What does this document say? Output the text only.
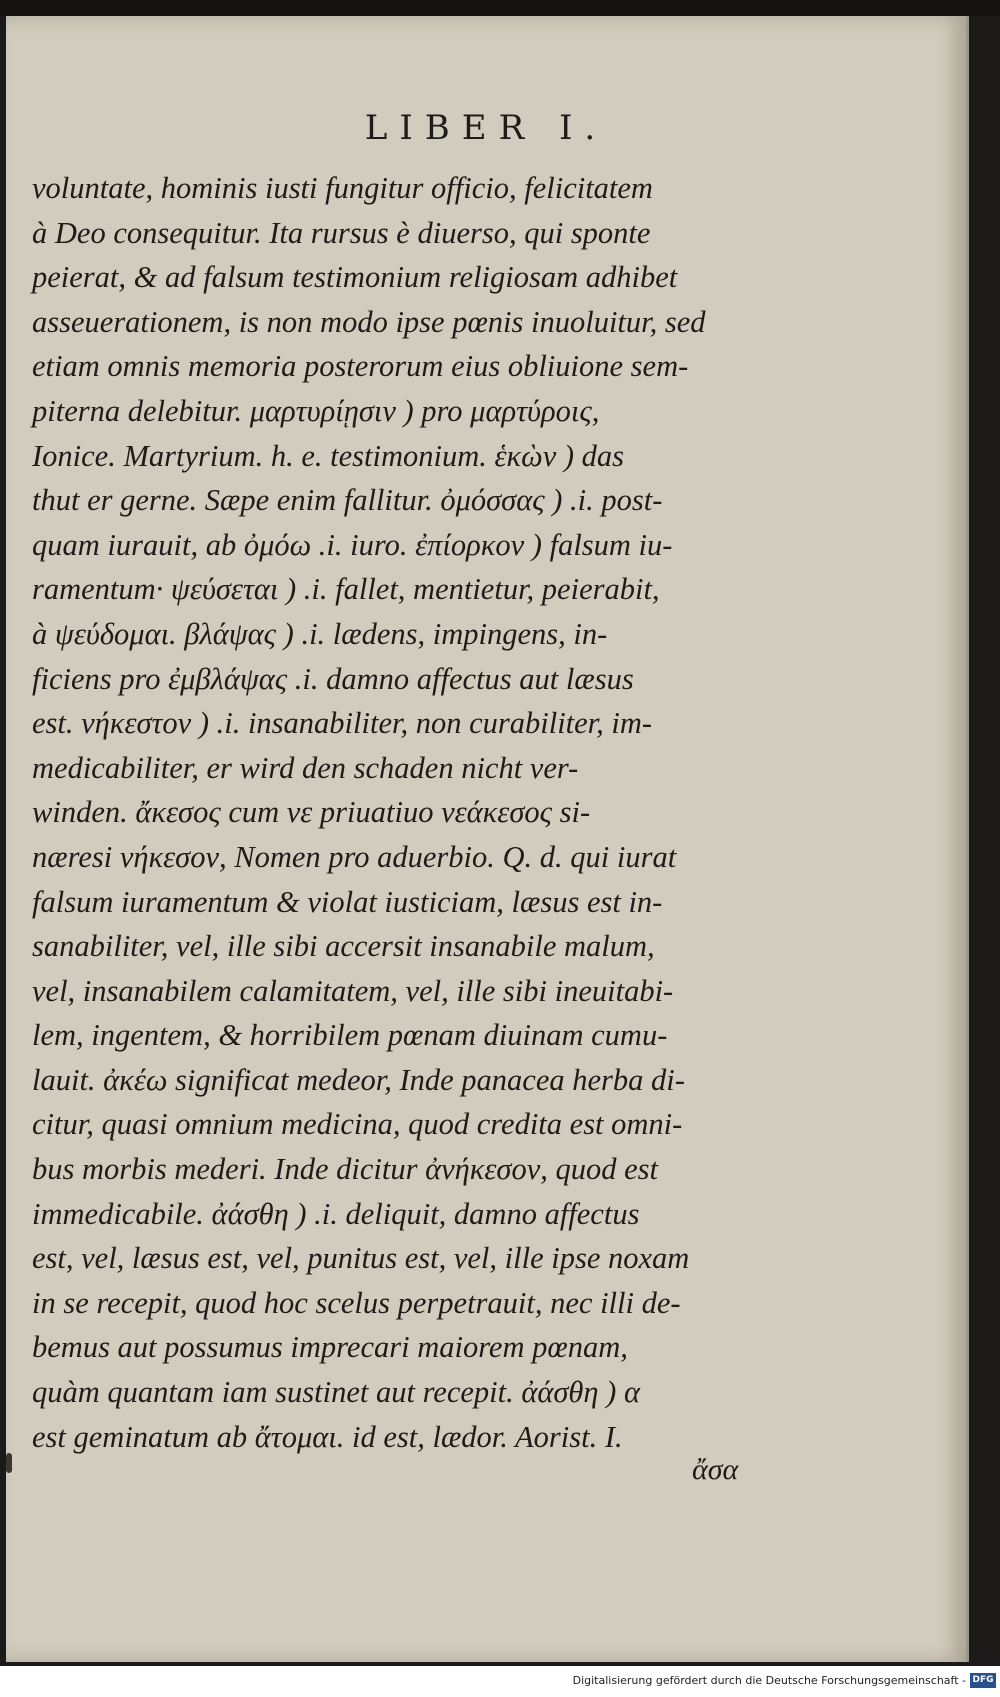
LIBER I.
voluntate, hominis iusti fungitur officio, felicitatem
à Deo consequitur. Ita rursus è diuerso, qui sponte
peierat, & ad falsum testimonium religiosam adhibet
asseuerationem, is non modo ipse pœnis inuoluitur, sed
etiam omnis memoria posterorum eius obliuione sem-
piterna delebitur. μαρτυρίῃσιν ) pro μαρτύροις,
Ionice. Martyrium. h. e. testimonium. ἑκὼν ) das
thut er gerne. Sæpe enim fallitur. ὀμόσσας ) .i. post-
quam iurauit, ab ὀμόω .i. iuro. ἐπίορκον ) falsum iu-
ramentum· ψεύσεται ) .i. fallet, mentietur, peierabit,
à ψεύδομαι. βλάψας ) .i. lædens, impingens, in-
ficiens pro ἐμβλάψας .i. damno affectus aut læsus
est. νήκεστον ) .i. insanabiliter, non curabiliter, im-
medicabiliter, er wird den schaden nicht ver-
winden. ἄκεσος cum νε priuatiuo νεάκεσος si-
næresi νήκεσον, Nomen pro aduerbio. Q. d. qui iurat
falsum iuramentum & violat iusticiam, læsus est in-
sanabiliter, vel, ille sibi accersit insanabile malum,
vel, insanabilem calamitatem, vel, ille sibi ineuitabi-
lem, ingentem, & horribilem pœnam diuinam cumu-
lauit. ἀκέω significat medeor, Inde panacea herba di-
citur, quasi omnium medicina, quod credita est omni-
bus morbis mederi. Inde dicitur ἀνήκεσον, quod est
immedicabile. ἀάσθη ) .i. deliquit, damno affectus
est, vel, læsus est, vel, punitus est, vel, ille ipse noxam
in se recepit, quod hoc scelus perpetrauit, nec illi de-
bemus aut possumus imprecari maiorem pœnam,
quàm quantam iam sustinet aut recepit. ἀάσθη ) α
est geminatum ab ἄτομαι. id est, lædor. Aorist. I.
ἄσα
Digitalisierung gefördert durch die Deutsche Forschungsgemeinschaft - DFG
